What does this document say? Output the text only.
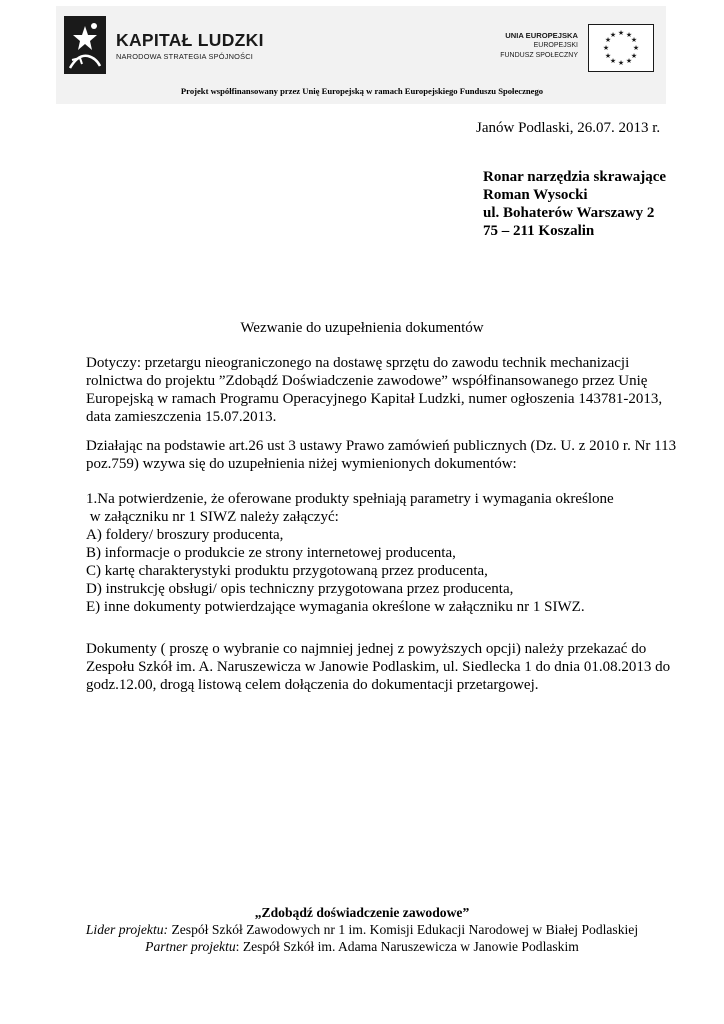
KAPITAŁ LUDZKI
NARODOWA STRATEGIA SPÓJNOŚCI
UNIA EUROPEJSKA
EUROPEJSKI
FUNDUSZ SPOŁECZNY
★ ★
★
★
★
★
★
★
★
★
★
★
Projekt współfinansowany przez Unię Europejską w ramach Europejskiego Funduszu Społecznego
Janów Podlaski, 26.07. 2013 r.
Ronar narzędzia skrawające
Roman Wysocki
ul. Bohaterów Warszawy 2
75 – 211 Koszalin
Wezwanie do uzupełnienia dokumentów
Dotyczy: przetargu nieograniczonego na dostawę sprzętu do zawodu technik mechanizacji
rolnictwa do projektu ”Zdobądź Doświadczenie zawodowe” współfinansowanego przez Unię
Europejską w ramach Programu Operacyjnego Kapitał Ludzki, numer ogłoszenia 143781-2013,
data zamieszczenia 15.07.2013.
Działając na podstawie art.26 ust 3 ustawy Prawo zamówień publicznych (Dz. U. z 2010 r. Nr 113
poz.759) wzywa się do uzupełnienia niżej wymienionych dokumentów:
1.Na potwierdzenie, że oferowane produkty spełniają parametry i wymagania określone
w załączniku nr 1 SIWZ należy załączyć:
A) foldery/ broszury producenta,
B) informacje o produkcie ze strony internetowej producenta,
C) kartę charakterystyki produktu przygotowaną przez producenta,
D) instrukcję obsługi/ opis techniczny przygotowana przez producenta,
E) inne dokumenty potwierdzające wymagania określone w załączniku nr 1 SIWZ.
Dokumenty ( proszę o wybranie co najmniej jednej z powyższych opcji) należy przekazać do
Zespołu Szkół im. A. Naruszewicza w Janowie Podlaskim, ul. Siedlecka 1 do dnia 01.08.2013 do
godz.12.00, drogą listową celem dołączenia do dokumentacji przetargowej.
„Zdobądź doświadczenie zawodowe”
Lider projektu: Zespół Szkół Zawodowych nr 1 im. Komisji Edukacji Narodowej w Białej Podlaskiej
Partner projektu: Zespół Szkół im. Adama Naruszewicza w Janowie Podlaskim
